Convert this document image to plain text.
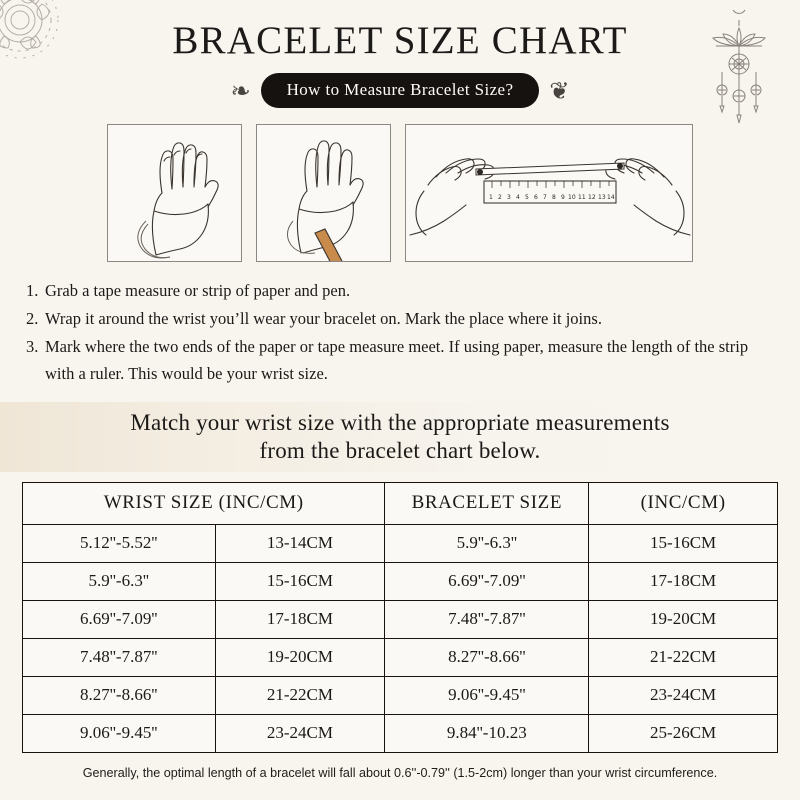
BRACELET SIZE CHART
❧	How to Measure Bracelet Size?	❦
1 2 3 4 5 6 7 8 9 10 11 12 13 14
1. Grab a tape measure or strip of paper and pen.
2. Wrap it around the wrist you’ll wear your bracelet on. Mark the place where it joins.
3. Mark where the two ends of the paper or tape measure meet. If using paper, measure the length of the strip with a ruler. This would be your wrist size.
Match your wrist size with the appropriate measurements
from the bracelet chart below.
WRIST SIZE (INC/CM)		BRACELET SIZE	(INC/CM)
5.12''-5.52''	13-14CM	5.9''-6.3''	15-16CM
5.9''-6.3''	15-16CM	6.69''-7.09''	17-18CM
6.69''-7.09''	17-18CM	7.48''-7.87''	19-20CM
7.48''-7.87''	19-20CM	8.27''-8.66''	21-22CM
8.27''-8.66''	21-22CM	9.06''-9.45''	23-24CM
9.06''-9.45''	23-24CM	9.84''-10.23	25-26CM
Generally, the optimal length of a bracelet will fall about 0.6''-0.79'' (1.5-2cm) longer than your wrist circumference.
